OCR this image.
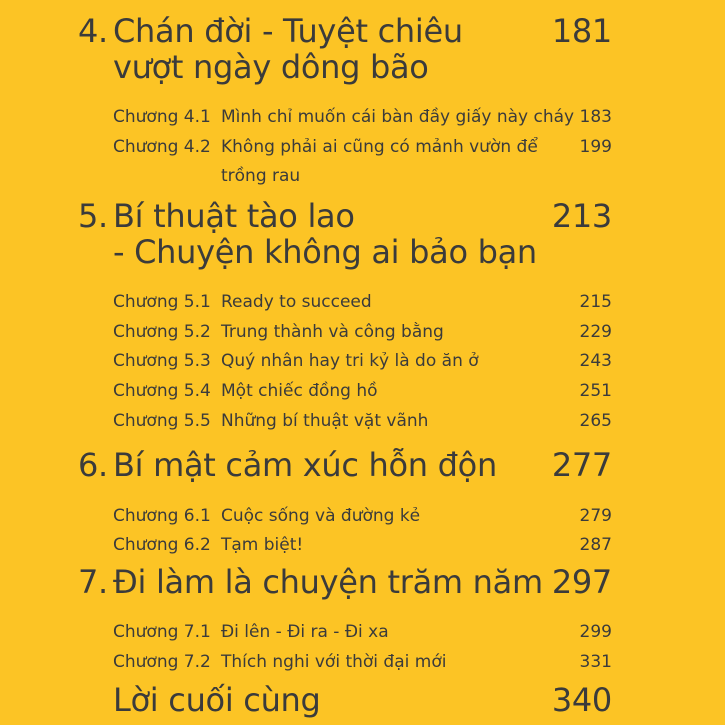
4. Chán đời - Tuyệt chiêu	181
vượt ngày dông bão
Chương 4.1 Mình chỉ muốn cái bàn đầy giấy này cháy 183
Chương 4.2 Không phải ai cũng có mảnh vườn để 199
trồng rau
5. Bí thuật tào lao	213
- Chuyện không ai bảo bạn
Chương 5.1 Ready to succeed	215
Chương 5.2 Trung thành và công bằng	229
Chương 5.3 Quý nhân hay tri kỷ là do ăn ở	243
Chương 5.4 Một chiếc đồng hồ	251
Chương 5.5 Những bí thuật vặt vãnh	265
6. Bí mật cảm xúc hỗn độn 277
Chương 6.1 Cuộc sống và đường kẻ	279
Chương 6.2 Tạm biệt!	287
7. Đi làm là chuyện trăm năm 297
Chương 7.1 Đi lên - Đi ra - Đi xa	299
Chương 7.2 Thích nghi với thời đại mới	331
Lời cuối cùng	340
